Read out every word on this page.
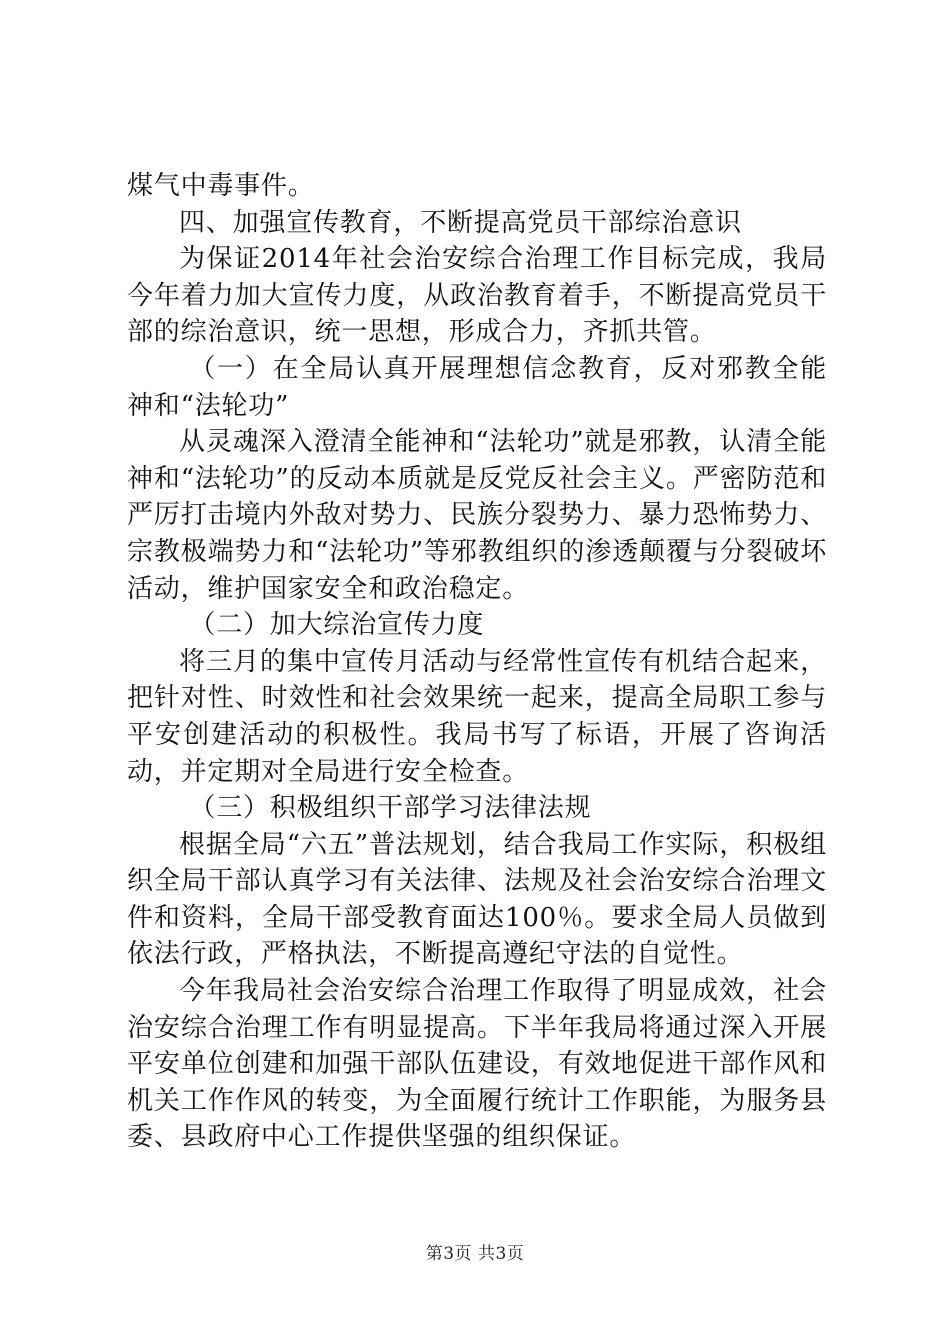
煤气中毒事件。

四、加强宣传教育，不断提高党员干部综治意识

为保证2014年社会治安综合治理工作目标完成，我局今年着力加大宣传力度，从政治教育着手，不断提高党员干部的综治意识，统一思想，形成合力，齐抓共管。

（一）在全局认真开展理想信念教育，反对邪教全能神和“法轮功”

从灵魂深入澄清全能神和“法轮功”就是邪教，认清全能神和“法轮功”的反动本质就是反党反社会主义。严密防范和严厉打击境内外敌对势力、民族分裂势力、暴力恐怖势力、宗教极端势力和“法轮功”等邪教组织的渗透颠覆与分裂破坏活动，维护国家安全和政治稳定。

（二）加大综治宣传力度

将三月的集中宣传月活动与经常性宣传有机结合起来，把针对性、时效性和社会效果统一起来，提高全局职工参与平安创建活动的积极性。我局书写了标语，开展了咨询活动，并定期对全局进行安全检查。

（三）积极组织干部学习法律法规

根据全局“六五”普法规划，结合我局工作实际，积极组织全局干部认真学习有关法律、法规及社会治安综合治理文件和资料，全局干部受教育面达100％。要求全局人员做到依法行政，严格执法，不断提高遵纪守法的自觉性。

今年我局社会治安综合治理工作取得了明显成效，社会治安综合治理工作有明显提高。下半年我局将通过深入开展平安单位创建和加强干部队伍建设，有效地促进干部作风和机关工作作风的转变，为全面履行统计工作职能，为服务县委、县政府中心工作提供坚强的组织保证。

第3页 共3页
